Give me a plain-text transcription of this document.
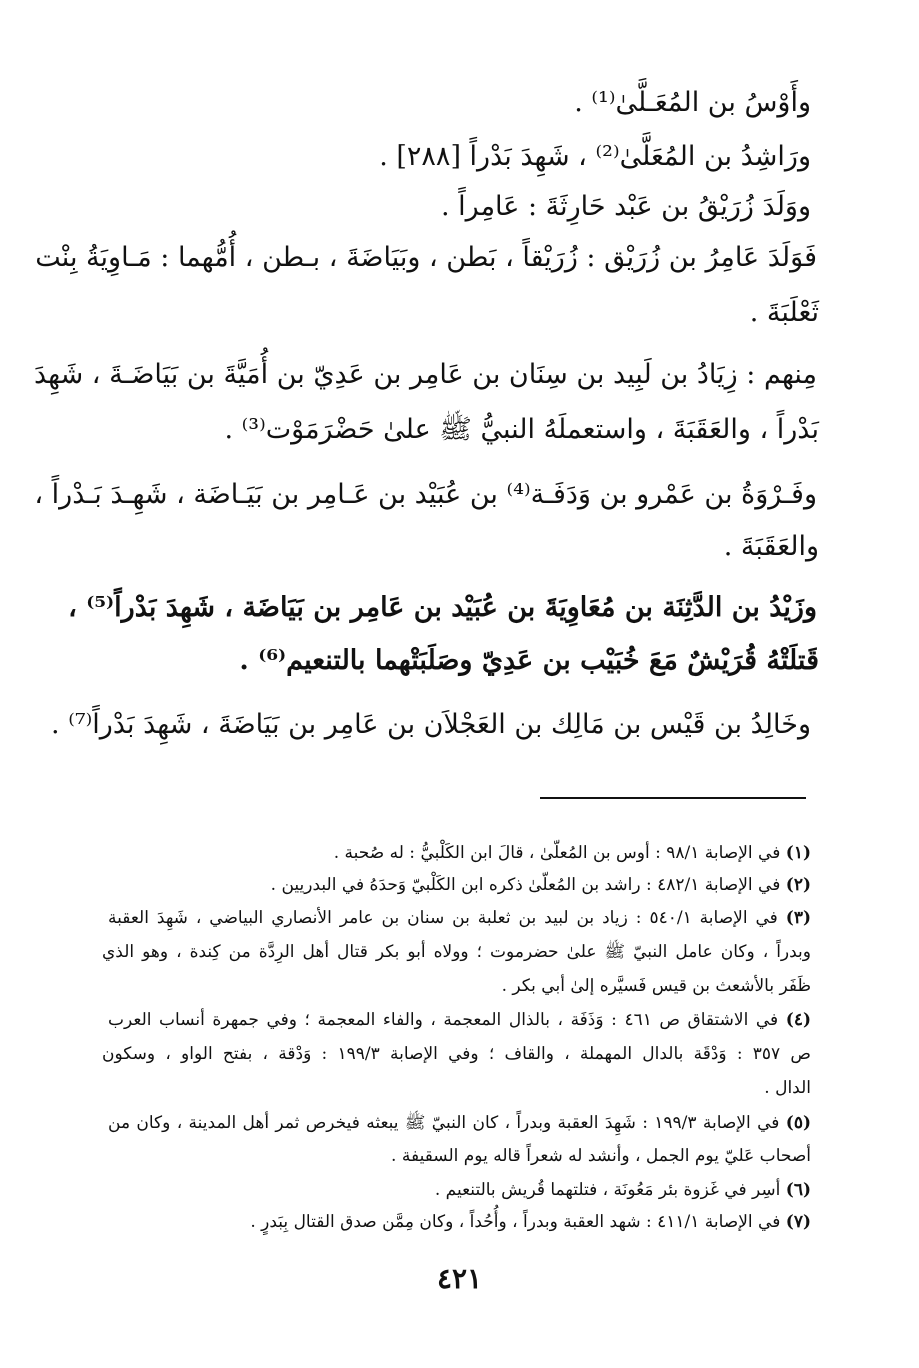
وأَوْسُ بن المُعَـلَّىٰ⁽¹⁾ .
ورَاشِدُ بن المُعَلَّىٰ⁽²⁾ ، شَهِدَ بَدْراً [٢٨٨] .
ووَلَدَ زُرَيْقُ بن عَبْد حَارِثَةَ : عَامِراً .
فَوَلَدَ عَامِرُ بن زُرَيْق : زُرَيْقاً ، بَطن ، وبَيَاضَةَ ، بـطن ، أُمُّهما : مَـاوِيَةُ بِنْت
ثَعْلَبَةَ .
مِنهم : زِيَادُ بن لَبِيد بن سِنَان بن عَامِر بن عَدِيّ بن أُمَيَّةَ بن بَيَاضَـةَ ، شَهِدَ
بَدْراً ، والعَقَبَةَ ، واستعملَهُ النبيُّ ﷺ علىٰ حَضْرَمَوْت⁽³⁾ .
وفَـرْوَةُ بن عَمْرو بن وَدَفَـة⁽⁴⁾ بن عُبَيْد بن عَـامِر بن بَيَـاضَة ، شَهِـدَ بَـدْراً ،
والعَقَبَةَ .
وزَيْدُ بن الدَّثِنَة بن مُعَاوِيَةَ بن عُبَيْد بن عَامِر بن بَيَاضَة ، شَهِدَ بَدْراً⁽⁵⁾ ،
قَتلَتْهُ قُرَيْشٌ مَعَ خُبَيْب بن عَدِيّ وصَلَبَتْهما بالتنعيم⁽⁶⁾ .
وخَالِدُ بن قَيْس بن مَالِك بن العَجْلاَن بن عَامِر بن بَيَاضَةَ ، شَهِدَ بَدْراً⁽⁷⁾ .
(١) في الإصابة ٩٨/١ : أوس بن المُعلّىٰ ، قالَ ابن الكَلْبيُّ : له صُحبة .
(٢) في الإصابة ٤٨٢/١ : راشد بن المُعلّىٰ ذكره ابن الكَلْبيّ وَحدَهُ في البدريين .
(٣) في الإصابة ٥٤٠/١ : زياد بن لبيد بن ثعلبة بن سنان بن عامر الأنصاري البياضي ، شَهِدَ العقبة
وبدراً ، وكان عامل النبيّ ﷺ علىٰ حضرموت ؛ وولاه أبو بكر قتال أهل الرِدَّة من كِندة ، وهو الذي
ظَفَر بالأشعث بن قيس فَسيَّره إلىٰ أبي بكر .
(٤) في الاشتقاق ص ٤٦١ : وَذَفَة ، بالذال المعجمة ، والفاء المعجمة ؛ وفي جمهرة أنساب العرب
ص ٣٥٧ : وَدْقَة بالدال المهملة ، والقاف ؛ وفي الإصابة ١٩٩/٣ : وَدْقة ، بفتح الواو ، وسكون
الدال .
(٥) في الإصابة ١٩٩/٣ : شَهِدَ العقبة وبدراً ، كان النبيّ ﷺ يبعثه فيخرص ثمر أهل المدينة ، وكان من
أصحاب عَليّ يوم الجمل ، وأنشد له شعراً قاله يوم السقيفة .
(٦) أسِر في غَزوة بئر مَعُونَة ، فتلتهما قُريش بالتنعيم .
(٧) في الإصابة ٤١١/١ : شهد العقبة وبدراً ، وأُحُداً ، وكان مِمَّن صدق القتال بِبَدرٍ .
٤٢١
